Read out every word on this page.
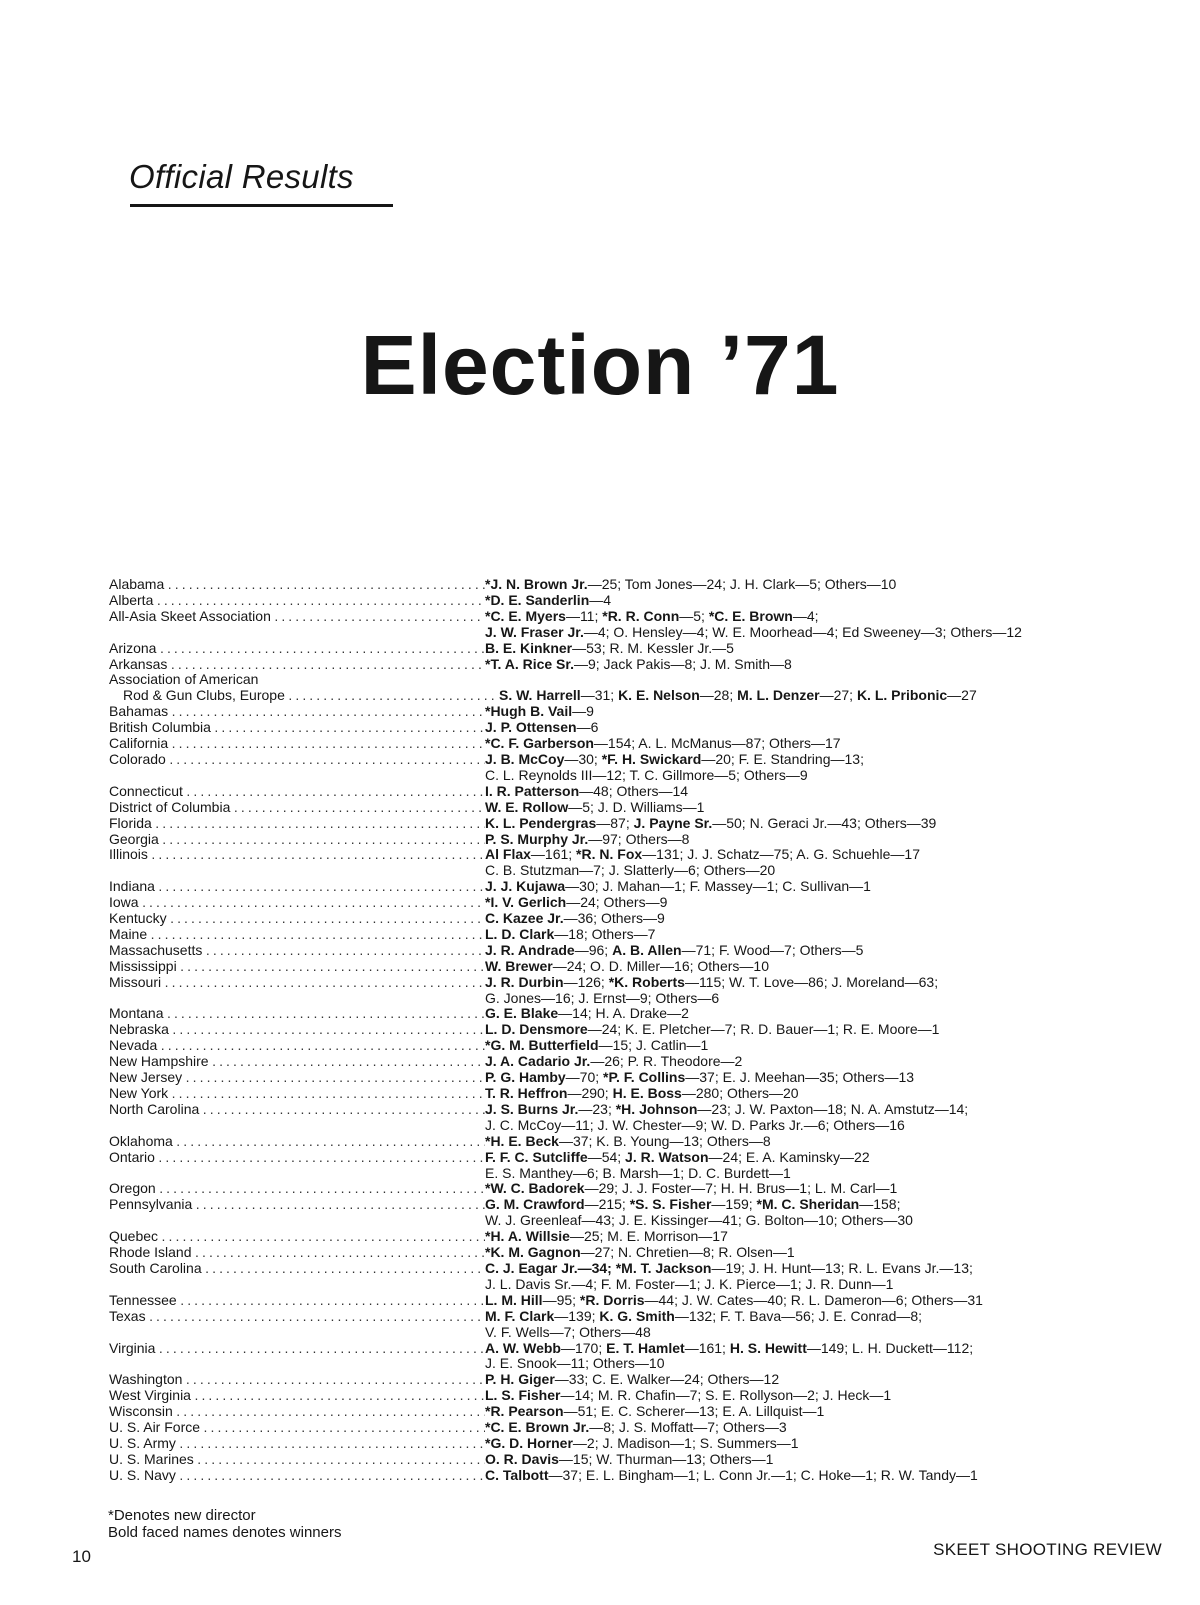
Official Results
Election ’71
Alabama . . .	*J. N. Brown Jr.—25; Tom Jones—24; J. H. Clark—5; Others—10
Alberta . . .	*D. E. Sanderlin—4
All-Asia Skeet Association . . .	*C. E. Myers—11; *R. R. Conn—5; *C. E. Brown—4;
J. W. Fraser Jr.—4; O. Hensley—4; W. E. Moorhead—4; Ed Sweeney—3; Others—12
Arizona . . .	B. E. Kinkner—53; R. M. Kessler Jr.—5
Arkansas . . .	*T. A. Rice Sr.—9; Jack Pakis—8; J. M. Smith—8
Association of American
Rod & Gun Clubs, Europe . . .	S. W. Harrell—31; K. E. Nelson—28; M. L. Denzer—27; K. L. Pribonic—27
Bahamas . . .	*Hugh B. Vail—9
British Columbia . . .	J. P. Ottensen—6
California . . .	*C. F. Garberson—154; A. L. McManus—87; Others—17
Colorado . . .	J. B. McCoy—30; *F. H. Swickard—20; F. E. Standring—13;
C. L. Reynolds III—12; T. C. Gillmore—5; Others—9
Connecticut . . .	I. R. Patterson—48; Others—14
District of Columbia . . .	W. E. Rollow—5; J. D. Williams—1
Florida . . .	K. L. Pendergras—87; J. Payne Sr.—50; N. Geraci Jr.—43; Others—39
Georgia . . .	P. S. Murphy Jr.—97; Others—8
Illinois . . .	Al Flax—161; *R. N. Fox—131; J. J. Schatz—75; A. G. Schuehle—17
C. B. Stutzman—7; J. Slatterly—6; Others—20
Indiana . . .	J. J. Kujawa—30; J. Mahan—1; F. Massey—1; C. Sullivan—1
Iowa . . .	*I. V. Gerlich—24; Others—9
Kentucky . . .	C. Kazee Jr.—36; Others—9
Maine . . .	L. D. Clark—18; Others—7
Massachusetts . . .	J. R. Andrade—96; A. B. Allen—71; F. Wood—7; Others—5
Mississippi . . .	W. Brewer—24; O. D. Miller—16; Others—10
Missouri . . .	J. R. Durbin—126; *K. Roberts—115; W. T. Love—86; J. Moreland—63;
G. Jones—16; J. Ernst—9; Others—6
Montana . . .	G. E. Blake—14; H. A. Drake—2
Nebraska . . .	L. D. Densmore—24; K. E. Pletcher—7; R. D. Bauer—1; R. E. Moore—1
Nevada . . .	*G. M. Butterfield—15; J. Catlin—1
New Hampshire . . .	J. A. Cadario Jr.—26; P. R. Theodore—2
New Jersey . . .	P. G. Hamby—70; *P. F. Collins—37; E. J. Meehan—35; Others—13
New York . . .	T. R. Heffron—290; H. E. Boss—280; Others—20
North Carolina . . .	J. S. Burns Jr.—23; *H. Johnson—23; J. W. Paxton—18; N. A. Amstutz—14;
J. C. McCoy—11; J. W. Chester—9; W. D. Parks Jr.—6; Others—16
Oklahoma . . .	*H. E. Beck—37; K. B. Young—13; Others—8
Ontario . . .	F. F. C. Sutcliffe—54; J. R. Watson—24; E. A. Kaminsky—22
E. S. Manthey—6; B. Marsh—1; D. C. Burdett—1
Oregon . . .	*W. C. Badorek—29; J. J. Foster—7; H. H. Brus—1; L. M. Carl—1
Pennsylvania . . .	G. M. Crawford—215; *S. S. Fisher—159; *M. C. Sheridan—158;
W. J. Greenleaf—43; J. E. Kissinger—41; G. Bolton—10; Others—30
Quebec . . .	*H. A. Willsie—25; M. E. Morrison—17
Rhode Island . . .	*K. M. Gagnon—27; N. Chretien—8; R. Olsen—1
South Carolina . . .	C. J. Eagar Jr.—34; *M. T. Jackson—19; J. H. Hunt—13; R. L. Evans Jr.—13;
J. L. Davis Sr.—4; F. M. Foster—1; J. K. Pierce—1; J. R. Dunn—1
Tennessee . . .	L. M. Hill—95; *R. Dorris—44; J. W. Cates—40; R. L. Dameron—6; Others—31
Texas . . .	M. F. Clark—139; K. G. Smith—132; F. T. Bava—56; J. E. Conrad—8;
V. F. Wells—7; Others—48
Virginia . . .	A. W. Webb—170; E. T. Hamlet—161; H. S. Hewitt—149; L. H. Duckett—112;
J. E. Snook—11; Others—10
Washington . . .	P. H. Giger—33; C. E. Walker—24; Others—12
West Virginia . . .	L. S. Fisher—14; M. R. Chafin—7; S. E. Rollyson—2; J. Heck—1
Wisconsin . . .	*R. Pearson—51; E. C. Scherer—13; E. A. Lillquist—1
U. S. Air Force . . .	*C. E. Brown Jr.—8; J. S. Moffatt—7; Others—3
U. S. Army . . .	*G. D. Horner—2; J. Madison—1; S. Summers—1
U. S. Marines . . .	O. R. Davis—15; W. Thurman—13; Others—1
U. S. Navy . . .	C. Talbott—37; E. L. Bingham—1; L. Conn Jr.—1; C. Hoke—1; R. W. Tandy—1
*Denotes new director
Bold faced names denotes winners
10	SKEET SHOOTING REVIEW
